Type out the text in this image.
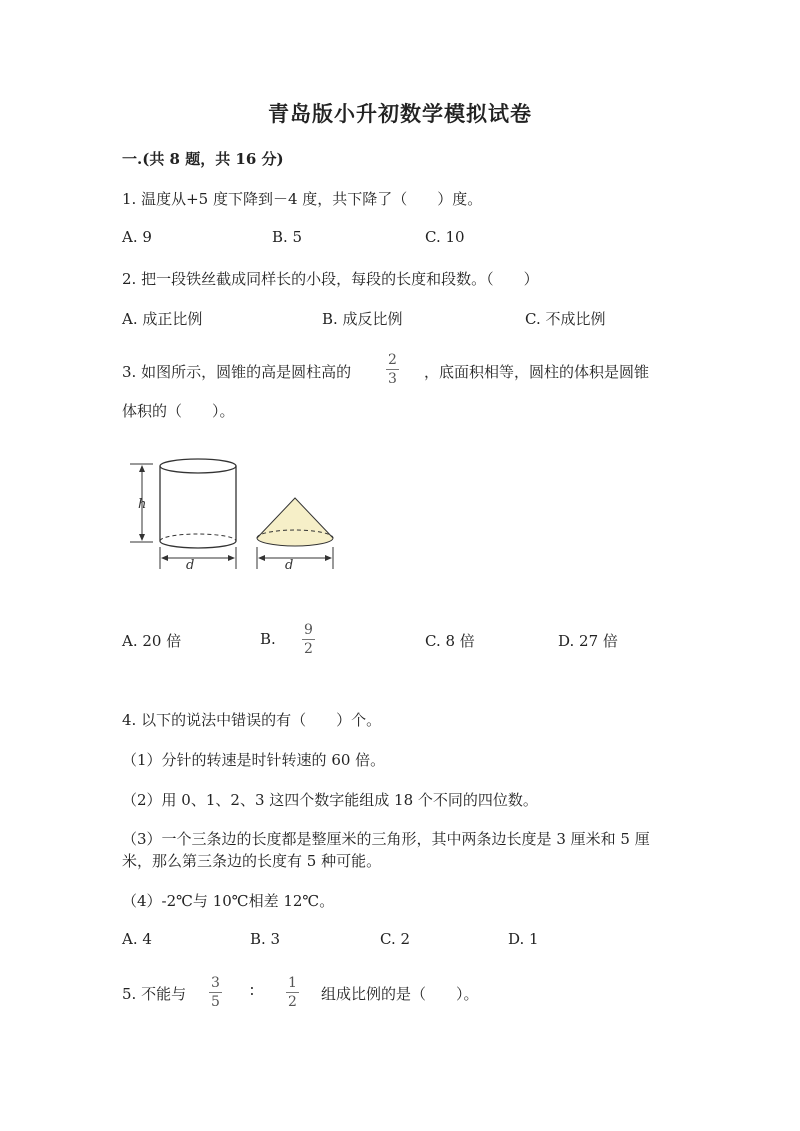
青岛版小升初数学模拟试卷
一.(共 8 题，共 16 分)
1. 温度从+5 度下降到－4 度，共下降了（　　）度。
A. 9	B. 5	C. 10
2. 把一段铁丝截成同样长的小段，每段的长度和段数。（　　）
A. 成正比例	B. 成反比例	C. 不成比例
3. 如图所示，圆锥的高是圆柱高的
2
3 ，底面积相等，圆柱的体积是圆锥
体积的（　　）。
h
d	d
A. 20 倍	B. 9
2	C. 8 倍	D. 27 倍
4. 以下的说法中错误的有（　　）个。
（1）分针的转速是时针转速的 60 倍。
（2）用 0、1、2、3 这四个数字能组成 18 个不同的四位数。
（3）一个三条边的长度都是整厘米的三角形，其中两条边长度是 3 厘米和 5 厘
米，那么第三条边的长度有 5 种可能。
（4）-2℃与 10℃相差 12℃。
A. 4	B. 3	C. 2	D. 1
5. 不能与
3
5
∶ 1
2 组成比例的是（　　）。
